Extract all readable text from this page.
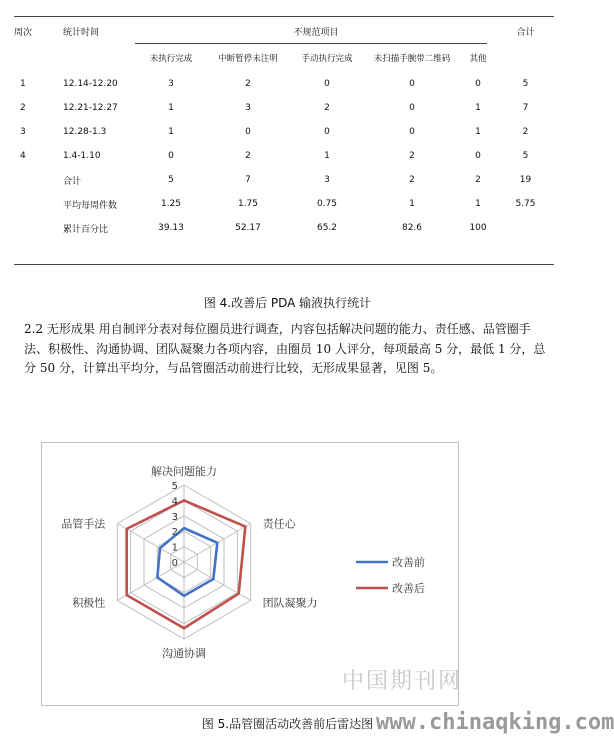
周次	统计时间	不规范项目					合计
		未执行完成	中断暂停未注明	手动执行完成	未扫描手腕带二维码	其他	
1	12.14-12.20	3	2	0	0	0	5
2	12.21-12.27	1	3	2	0	1	7
3	12.28-1.3	1	0	0	0	1	2
4	1.4-1.10	0	2	1	2	0	5
	合计	5	7	3	2	2	19
	平均每周件数	1.25	1.75	0.75	1	1	5.75
	累计百分比	39.13	52.17	65.2	82.6	100	
图 4.改善后 PDA 输液执行统计
2.2 无形成果 用自制评分表对每位圈员进行调查，内容包括解决问题的能力、责任感、品管圈手法、积极性、沟通协调、团队凝聚力各项内容，由圈员 10 人评分，每项最高 5 分，最低 1 分，总分 50 分，计算出平均分，与品管圈活动前进行比较，无形成果显著，见图 5。
0
1
2
3
4
5
解决问题能力
责任心
团队凝聚力
沟通协调
积极性
品管手法
改善前
改善后
图 5.品管圈活动改善前后雷达图
中国期刊网
www.chinaqking.com
